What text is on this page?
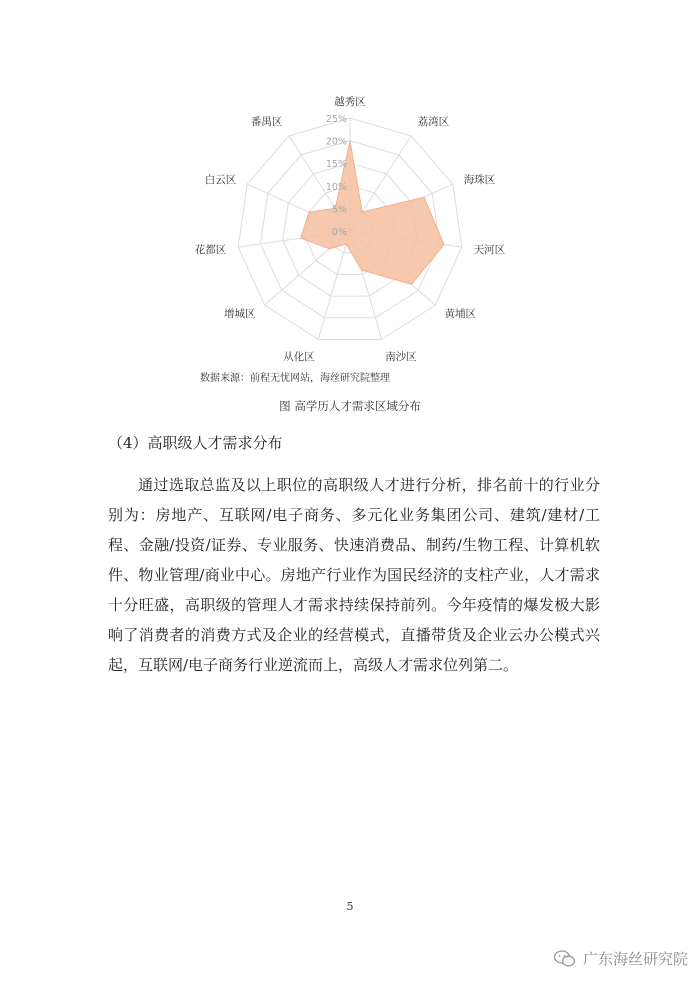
0%
5%
10%
15%
20%
25%
越秀区
荔湾区
海珠区
天河区
黄埔区
南沙区
从化区
增城区
花都区
白云区
番禺区
数据来源：前程无忧网站，海丝研究院整理
图 高学历人才需求区域分布
（4）高职级人才需求分布

通过选取总监及以上职位的高职级人才进行分析，排名前十的行业分别为：房地产、互联网/电子商务、多元化业务集团公司、建筑/建材/工程、金融/投资/证券、专业服务、快速消费品、制药/生物工程、计算机软件、物业管理/商业中心。房地产行业作为国民经济的支柱产业，人才需求十分旺盛，高职级的管理人才需求持续保持前列。今年疫情的爆发极大影响了消费者的消费方式及企业的经营模式，直播带货及企业云办公模式兴起，互联网/电子商务行业逆流而上，高级人才需求位列第二。

5
广东海丝研究院
